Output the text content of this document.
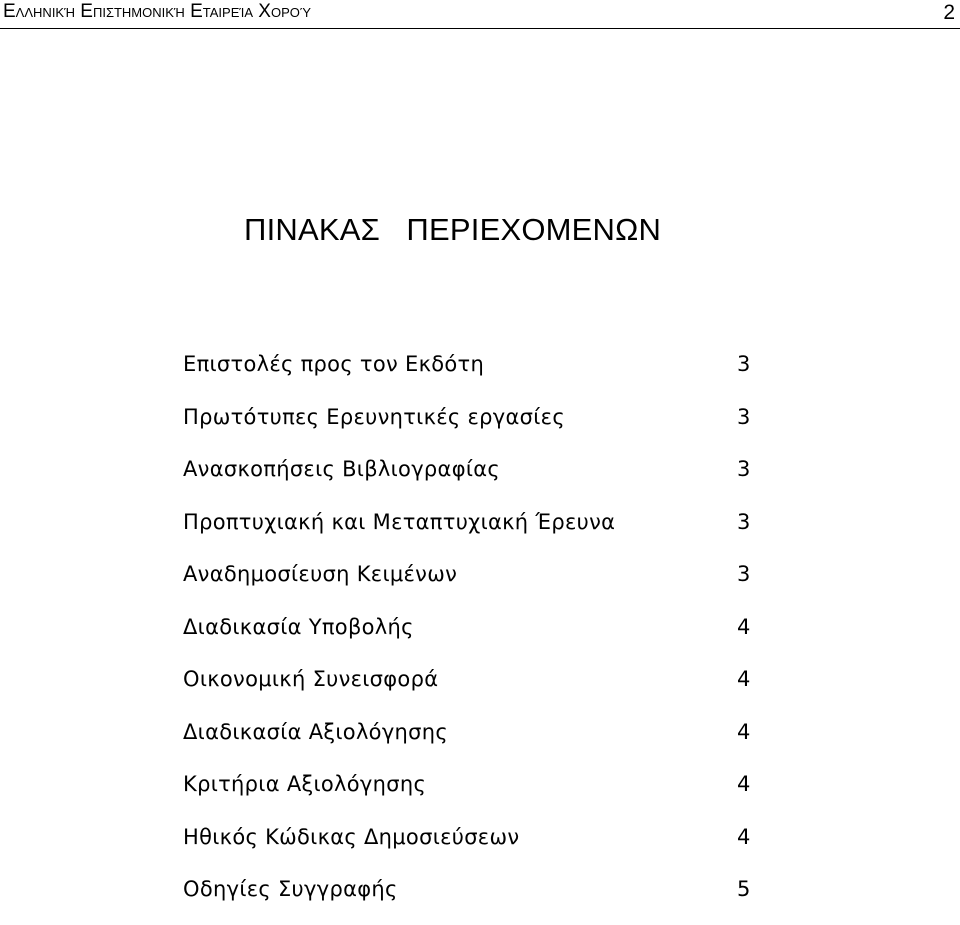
Ελληνική Επιστημονική Εταιρεία Χορού	2
ΠΙΝΑΚΑΣ   ΠΕΡΙΕΧΟΜΕΝΩΝ
Επιστολές προς τον Εκδότη	3
Πρωτότυπες Ερευνητικές εργασίες	3
Ανασκοπήσεις Βιβλιογραφίας	3
Προπτυχιακή και Μεταπτυχιακή Έρευνα	3
Αναδημοσίευση Κειμένων	3
Διαδικασία Υποβολής	4
Οικονομική Συνεισφορά	4
Διαδικασία Αξιολόγησης	4
Κριτήρια Αξιολόγησης	4
Ηθικός Κώδικας Δημοσιεύσεων	4
Οδηγίες Συγγραφής	5
